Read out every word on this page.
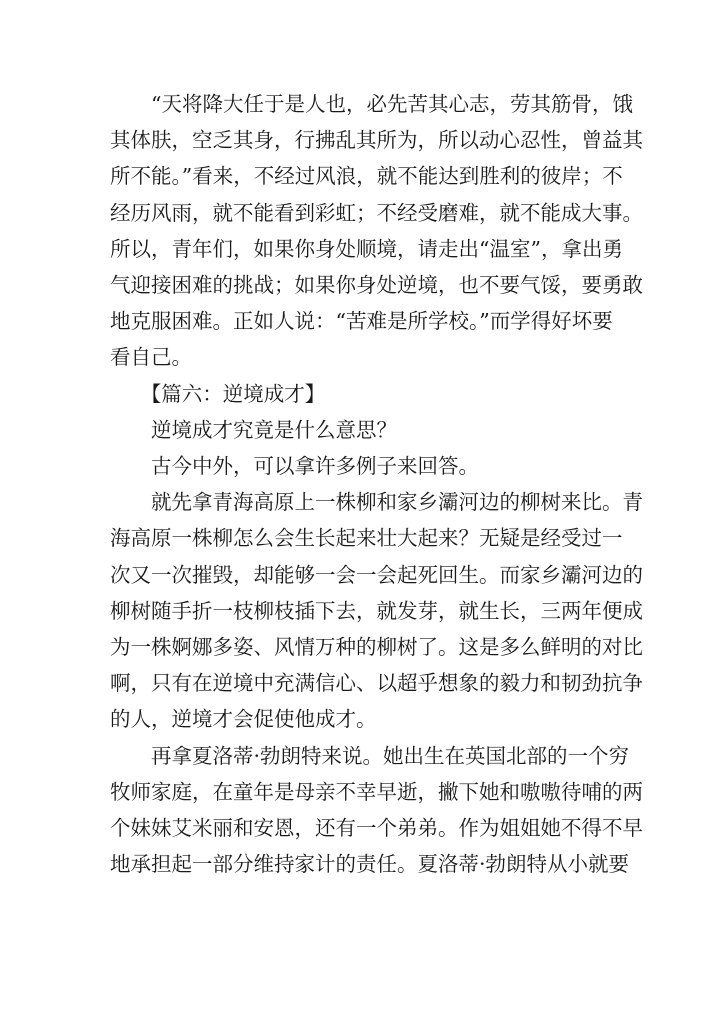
“天将降大任于是人也，必先苦其心志，劳其筋骨，饿
其体肤，空乏其身，行拂乱其所为，所以动心忍性，曾益其
所不能。”看来，不经过风浪，就不能达到胜利的彼岸；不
经历风雨，就不能看到彩虹；不经受磨难，就不能成大事。
所以，青年们，如果你身处顺境，请走出“温室”，拿出勇
气迎接困难的挑战；如果你身处逆境，也不要气馁，要勇敢
地克服困难。正如人说：“苦难是所学校。”而学得好坏要
看自己。

【篇六：逆境成才】

逆境成才究竟是什么意思？

古今中外，可以拿许多例子来回答。

就先拿青海高原上一株柳和家乡灞河边的柳树来比。青
海高原一株柳怎么会生长起来壮大起来？无疑是经受过一
次又一次摧毁，却能够一会一会起死回生。而家乡灞河边的
柳树随手折一枝柳枝插下去，就发芽，就生长，三两年便成
为一株婀娜多姿、风情万种的柳树了。这是多么鲜明的对比
啊，只有在逆境中充满信心、以超乎想象的毅力和韧劲抗争
的人，逆境才会促使他成才。

再拿夏洛蒂·勃朗特来说。她出生在英国北部的一个穷
牧师家庭，在童年是母亲不幸早逝，撇下她和嗷嗷待哺的两
个妹妹艾米丽和安恩，还有一个弟弟。作为姐姐她不得不早
地承担起一部分维持家计的责任。夏洛蒂·勃朗特从小就要
